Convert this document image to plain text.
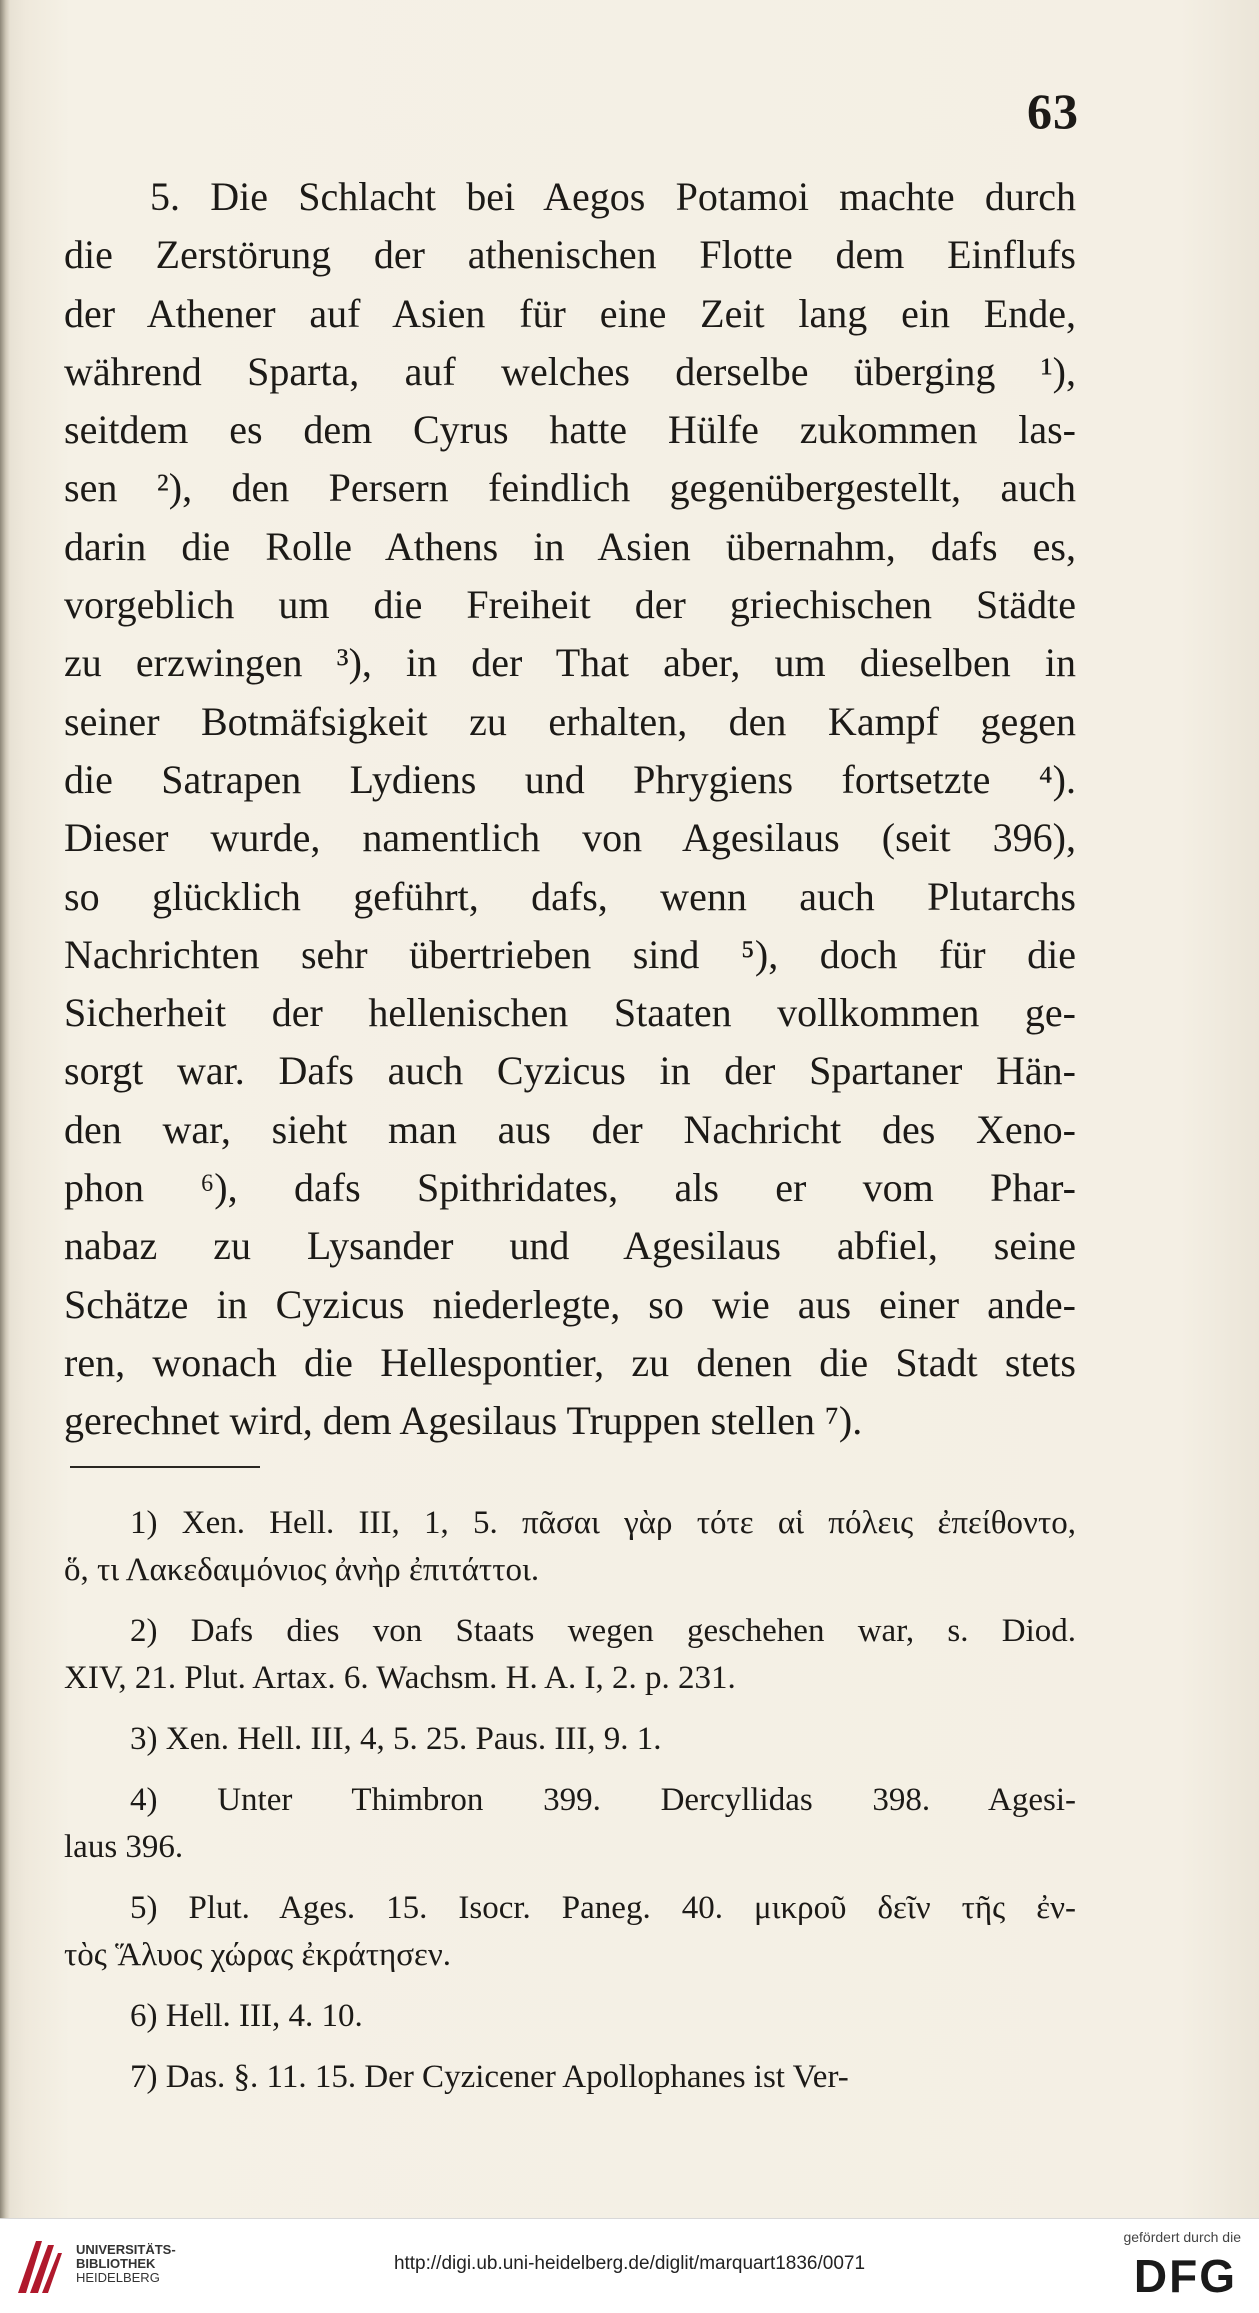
63
5. Die Schlacht bei Aegos Potamoi machte durch
die Zerstörung der athenischen Flotte dem Einflufs
der Athener auf Asien für eine Zeit lang ein Ende,
während Sparta, auf welches derselbe überging ¹),
seitdem es dem Cyrus hatte Hülfe zukommen las-
sen ²), den Persern feindlich gegenübergestellt, auch
darin die Rolle Athens in Asien übernahm, dafs es,
vorgeblich um die Freiheit der griechischen Städte
zu erzwingen ³), in der That aber, um dieselben in
seiner Botmäfsigkeit zu erhalten, den Kampf gegen
die Satrapen Lydiens und Phrygiens fortsetzte ⁴).
Dieser wurde, namentlich von Agesilaus (seit 396),
so glücklich geführt, dafs, wenn auch Plutarchs
Nachrichten sehr übertrieben sind ⁵), doch für die
Sicherheit der hellenischen Staaten vollkommen ge-
sorgt war. Dafs auch Cyzicus in der Spartaner Hän-
den war, sieht man aus der Nachricht des Xeno-
phon ⁶), dafs Spithridates, als er vom Phar-
nabaz zu Lysander und Agesilaus abfiel, seine
Schätze in Cyzicus niederlegte, so wie aus einer ande-
ren, wonach die Hellespontier, zu denen die Stadt stets
gerechnet wird, dem Agesilaus Truppen stellen ⁷).
1) Xen. Hell. III, 1, 5. πᾶσαι γὰρ τότε αἱ πόλεις ἐπείθοντο,
ὅ, τι Λακεδαιμόνιος ἀνὴρ ἐπιτάττοι.
2) Dafs dies von Staats wegen geschehen war, s. Diod.
XIV, 21. Plut. Artax. 6. Wachsm. H. A. I, 2. p. 231.
3) Xen. Hell. III, 4, 5. 25. Paus. III, 9. 1.
4) Unter Thimbron 399. Dercyllidas 398. Agesi-
laus 396.
5) Plut. Ages. 15. Isocr. Paneg. 40. μικροῦ δεῖν τῆς ἐν-
τὸς Ἅλυος χώρας ἐκράτησεν.
6) Hell. III, 4. 10.
7) Das. §. 11. 15. Der Cyzicener Apollophanes ist Ver-
UNIVERSITÄTS-
BIBLIOTHEK
HEIDELBERG
http://digi.ub.uni-heidelberg.de/diglit/marquart1836/0071
gefördert durch die
DFG
